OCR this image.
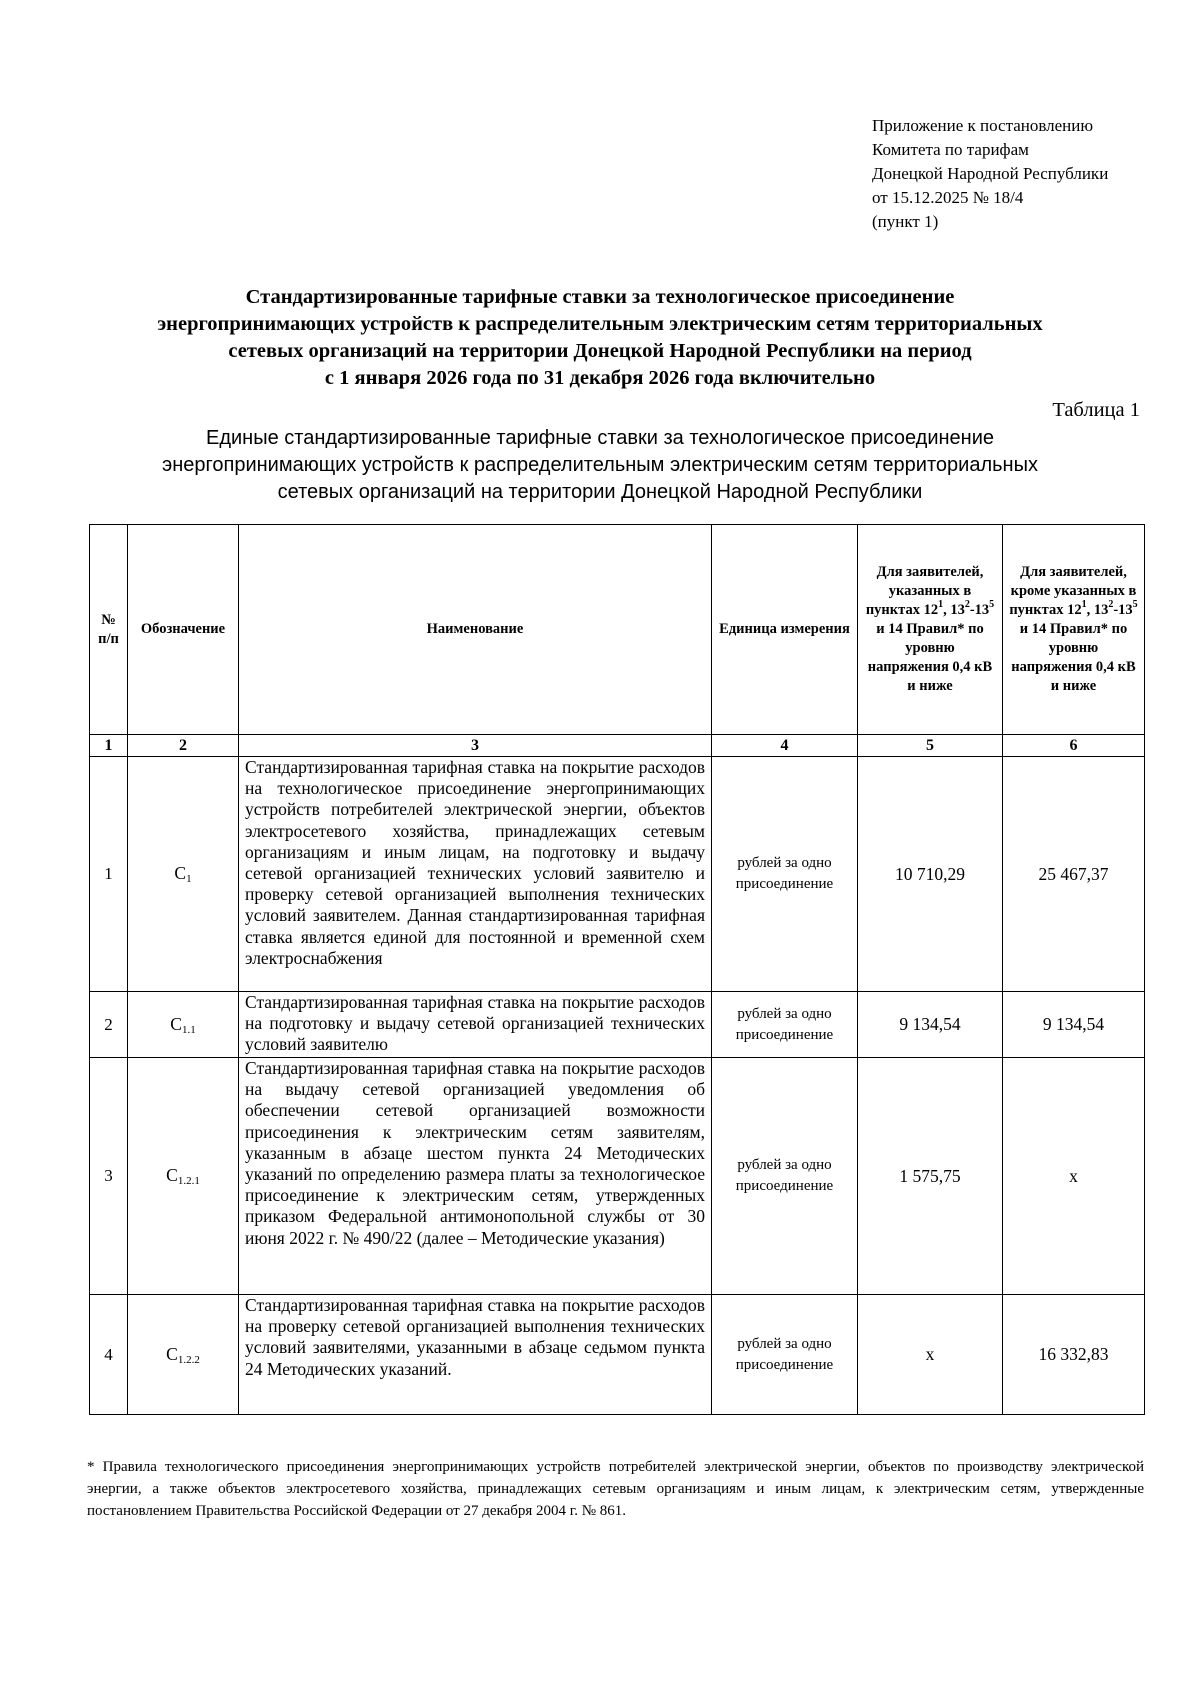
Приложение к постановлению
Комитета по тарифам
Донецкой Народной Республики
от 15.12.2025 № 18/4
(пункт 1)
Стандартизированные тарифные ставки за технологическое присоединение
энергопринимающих устройств к распределительным электрическим сетям территориальных
сетевых организаций на территории Донецкой Народной Республики на период
с 1 января 2026 года по 31 декабря 2026 года включительно
Таблица 1
Единые стандартизированные тарифные ставки за технологическое присоединение
энергопринимающих устройств к распределительным электрическим сетям территориальных
сетевых организаций на территории Донецкой Народной Республики
№ п/п	Обозначение	Наименование	Единица измерения	Для заявителей, указанных в пунктах $12^1$, $13^2-13^5$ и 14 Правил* по уровню напряжения 0,4 кВ и ниже	Для заявителей, кроме указанных в пунктах $12^1$, $13^2-13^5$ и 14 Правил* по уровню напряжения 0,4 кВ и ниже
1	2	3	4	5	6
1	$C_1$	Стандартизированная тарифная ставка на покрытие расходов на технологическое присоединение энергопринимающих устройств потребителей электрической энергии, объектов электросетевого хозяйства, принадлежащих сетевым организациям и иным лицам, на подготовку и выдачу сетевой организацией технических условий заявителю и проверку сетевой организацией выполнения технических условий заявителем. Данная стандартизированная тарифная ставка является единой для постоянной и временной схем электроснабжения	рублей за одно присоединение	10 710,29	25 467,37
2	$C_{1.1}$	Стандартизированная тарифная ставка на покрытие расходов на подготовку и выдачу сетевой организацией технических условий заявителю	рублей за одно присоединение	9 134,54	9 134,54
3	$C_{1.2.1}$	Стандартизированная тарифная ставка на покрытие расходов на выдачу сетевой организацией уведомления об обеспечении сетевой организацией возможности присоединения к электрическим сетям заявителям, указанным в абзаце шестом пункта 24 Методических указаний по определению размера платы за технологическое присоединение к электрическим сетям, утвержденных приказом Федеральной антимонопольной службы от 30 июня 2022 г. № 490/22 (далее – Методические указания)	рублей за одно присоединение	1 575,75	x
4	$C_{1.2.2}$	Стандартизированная тарифная ставка на покрытие расходов на проверку сетевой организацией выполнения технических условий заявителями, указанными в абзаце седьмом пункта 24 Методических указаний.	рублей за одно присоединение	x	16 332,83
* Правила технологического присоединения энергопринимающих устройств потребителей электрической энергии, объектов по производству электрической энергии, а также объектов электросетевого хозяйства, принадлежащих сетевым организациям и иным лицам, к электрическим сетям, утвержденные постановлением Правительства Российской Федерации от 27 декабря 2004 г. № 861.
